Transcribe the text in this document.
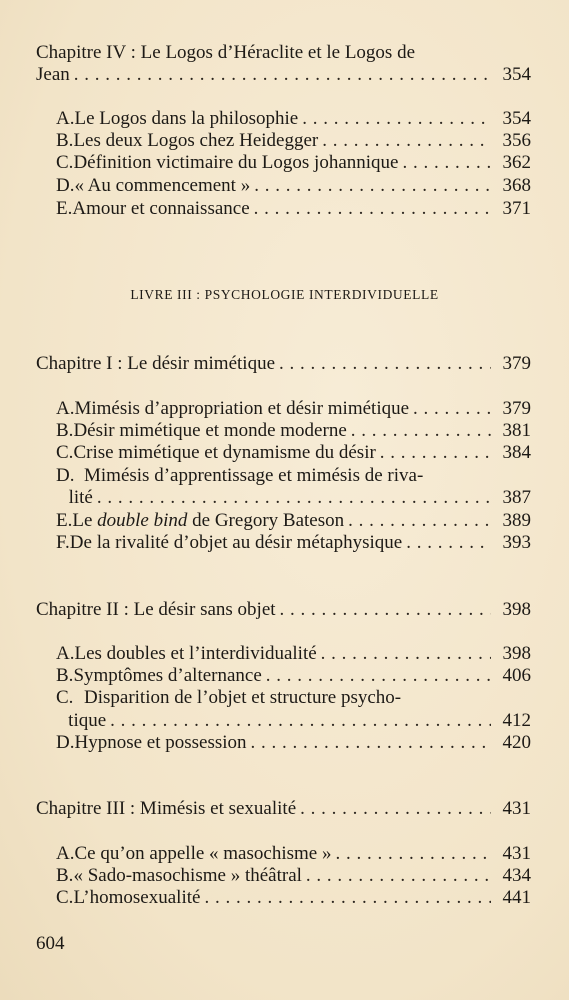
Chapitre IV : Le Logos d’Héraclite et le Logos de
Jean . . .	354
A. Le Logos dans la philosophie . . .	354
B. Les deux Logos chez Heidegger . . .	356
C. Définition victimaire du Logos johannique . . .	362
D. « Au commencement » . . .	368
E. Amour et connaissance . . .	371
LIVRE III : PSYCHOLOGIE INTERDIVIDUELLE
Chapitre I : Le désir mimétique . . .	379
A. Mimésis d’appropriation et désir mimétique . . .	379
B. Désir mimétique et monde moderne . . .	381
C. Crise mimétique et dynamisme du désir . . .	384
D. Mimésis d’apprentissage et mimésis de riva-
lité . . .	387
E. Le double bind de Gregory Bateson . . .	389
F. De la rivalité d’objet au désir métaphysique . . .	393
Chapitre II : Le désir sans objet . . .	398
A. Les doubles et l’interdividualité . . .	398
B. Symptômes d’alternance . . .	406
C. Disparition de l’objet et structure psycho-
tique . . .	412
D. Hypnose et possession . . .	420
Chapitre III : Mimésis et sexualité . . .	431
A. Ce qu’on appelle « masochisme » . . .	431
B. « Sado-masochisme » théâtral . . .	434
C. L’homosexualité . . .	441
604
